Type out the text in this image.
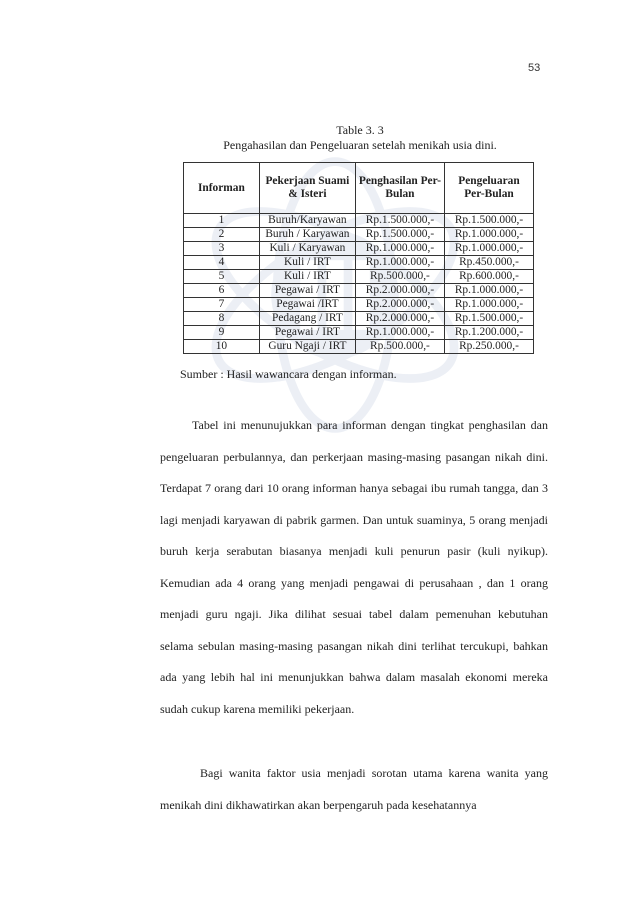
53
Table 3. 3
Pengahasilan dan Pengeluaran setelah menikah usia dini.
Informan	Pekerjaan Suami & Isteri	Penghasilan Per-Bulan	Pengeluaran Per-Bulan
1	Buruh/Karyawan	Rp.1.500.000,-	Rp.1.500.000,-
2	Buruh / Karyawan	Rp.1.500.000,-	Rp.1.000.000,-
3	Kuli / Karyawan	Rp.1.000.000,-	Rp.1.000.000,-
4	Kuli / IRT	Rp.1.000.000,-	Rp.450.000,-
5	Kuli / IRT	Rp.500.000,-	Rp.600.000,-
6	Pegawai / IRT	Rp.2.000.000,-	Rp.1.000.000,-
7	Pegawai /IRT	Rp.2.000.000,-	Rp.1.000.000,-
8	Pedagang / IRT	Rp.2.000.000,-	Rp.1.500.000,-
9	Pegawai / IRT	Rp.1.000.000,-	Rp.1.200.000,-
10	Guru Ngaji / IRT	Rp.500.000,-	Rp.250.000,-
Sumber : Hasil wawancara dengan informan.
Tabel ini menunujukkan para informan dengan tingkat penghasilan dan pengeluaran perbulannya, dan perkerjaan masing-masing pasangan nikah dini. Terdapat 7 orang dari 10 orang informan hanya sebagai ibu rumah tangga, dan 3 lagi menjadi karyawan di pabrik garmen. Dan untuk suaminya, 5 orang menjadi buruh kerja serabutan biasanya menjadi kuli penurun pasir (kuli nyikup). Kemudian ada 4 orang yang menjadi pengawai di perusahaan , dan 1 orang menjadi guru ngaji. Jika dilihat sesuai tabel dalam pemenuhan kebutuhan selama sebulan masing-masing pasangan nikah dini terlihat tercukupi, bahkan ada yang lebih hal ini menunjukkan bahwa dalam masalah ekonomi mereka sudah cukup karena memiliki pekerjaan.
Bagi wanita faktor usia menjadi sorotan utama karena wanita yang menikah dini dikhawatirkan akan berpengaruh pada kesehatannya
